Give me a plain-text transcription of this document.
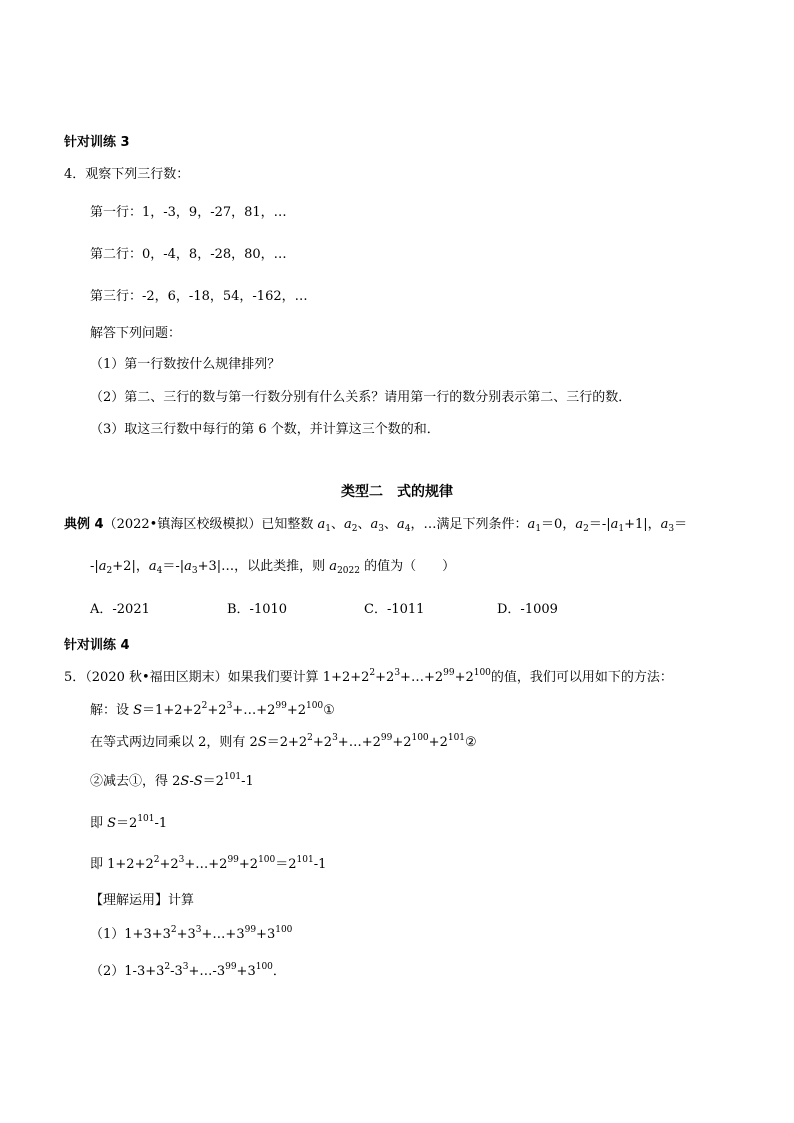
针对训练 3
4．观察下列三行数：
第一行：1，-3，9，-27，81，…
第二行：0，-4，8，-28，80，…
第三行：-2，6，-18，54，-162，…
解答下列问题：
（1）第一行数按什么规律排列？
（2）第二、三行的数与第一行数分别有什么关系？请用第一行的数分别表示第二、三行的数．
（3）取这三行数中每行的第 6 个数，并计算这三个数的和．
类型二　式的规律
典例 4（2022•镇海区校级模拟）已知整数 $a_1$、$a_2$、$a_3$、$a_4$，…满足下列条件：$a_1=0$，$a_2=-|a_1+1|$，$a_3=$
$-|a_2+2|$，$a_4=-|a_3+3|\dots$，以此类推，则 $a_{2022}$ 的值为（　　）
A．-2021	B．-1010	C．-1011	D．-1009
针对训练 4
5．（2020 秋•福田区期末）如果我们要计算 $1+2+2^2+2^3+\dots+2^{99}+2^{100}$的值，我们可以用如下的方法：
解：设 $S=1+2+2^2+2^3+\dots+2^{99}+2^{100}①$
在等式两边同乘以 2，则有 $2S=2+2^2+2^3+\dots+2^{99}+2^{100}+2^{101}②$
②减去①，得 $2S-S=2^{101}-1$
即 $S=2^{101}-1$
即 $1+2+2^2+2^3+\dots+2^{99}+2^{100}=2^{101}-1$
【理解运用】计算
$(1)1+3+3^2+3^3+\dots+3^{99}+3^{100}$
$(2)1-3+3^2-3^3+\dots-3^{99}+3^{100}$．
